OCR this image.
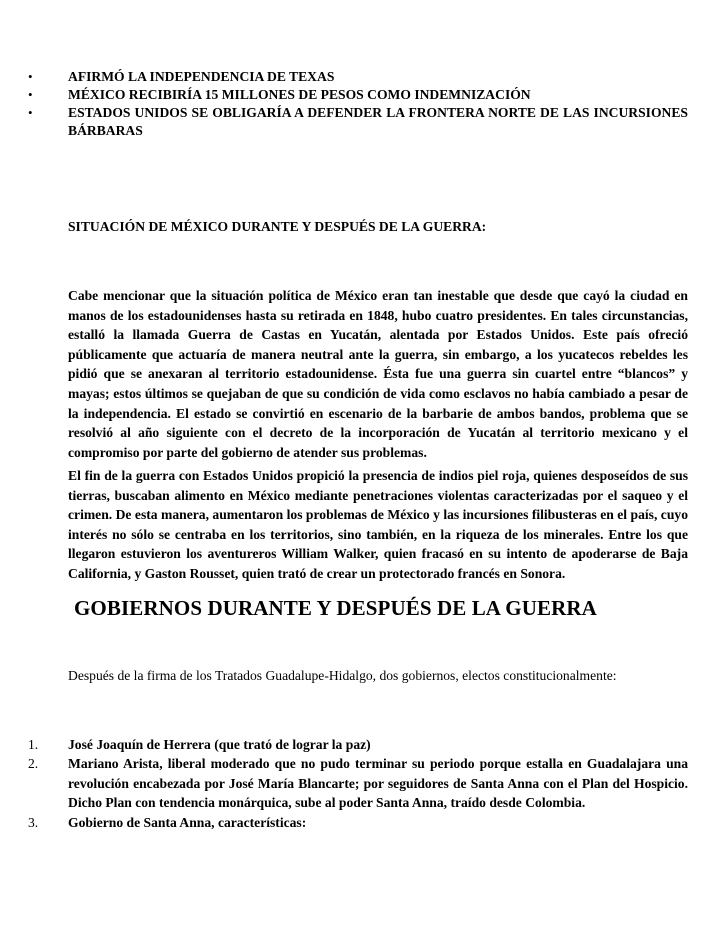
•	AFIRMÓ LA INDEPENDENCIA DE TEXAS
•	MÉXICO RECIBIRÍA 15 MILLONES DE PESOS COMO INDEMNIZACIÓN
•	ESTADOS UNIDOS SE OBLIGARÍA A DEFENDER LA FRONTERA NORTE DE LAS INCURSIONES BÁRBARAS
SITUACIÓN DE MÉXICO DURANTE Y DESPUÉS DE LA GUERRA:

Cabe mencionar que la situación política de México eran tan inestable que desde que cayó la ciudad en manos de los estadounidenses hasta su retirada en 1848, hubo cuatro presidentes. En tales circunstancias, estalló la llamada Guerra de Castas en Yucatán, alentada por Estados Unidos. Este país ofreció públicamente que actuaría de manera neutral ante la guerra, sin embargo, a los yucatecos rebeldes les pidió que se anexaran al territorio estadounidense. Ésta fue una guerra sin cuartel entre “blancos” y mayas; estos últimos se quejaban de que su condición de vida como esclavos no había cambiado a pesar de la independencia. El estado se convirtió en escenario de la barbarie de ambos bandos, problema que se resolvió al año siguiente con el decreto de la incorporación de Yucatán al territorio mexicano y el compromiso por parte del gobierno de atender sus problemas.

El fin de la guerra con Estados Unidos propició la presencia de indios piel roja, quienes desposeídos de sus tierras, buscaban alimento en México mediante penetraciones violentas caracterizadas por el saqueo y el crimen. De esta manera, aumentaron los problemas de México y las incursiones filibusteras en el país, cuyo interés no sólo se centraba en los territorios, sino también, en la riqueza de los minerales. Entre los que llegaron estuvieron los aventureros William Walker, quien fracasó en su intento de apoderarse de Baja California, y Gaston Rousset, quien trató de crear un protectorado francés en Sonora.

GOBIERNOS DURANTE Y DESPUÉS DE LA GUERRA
Después de la firma de los Tratados Guadalupe-Hidalgo, dos gobiernos, electos constitucionalmente:
1. José Joaquín de Herrera (que trató de lograr la paz)
2. Mariano Arista, liberal moderado que no pudo terminar su periodo porque estalla en Guadalajara una revolución encabezada por José María Blancarte; por seguidores de Santa Anna con el Plan del Hospicio. Dicho Plan con tendencia monárquica, sube al poder Santa Anna, traído desde Colombia.
3. Gobierno de Santa Anna, características:
